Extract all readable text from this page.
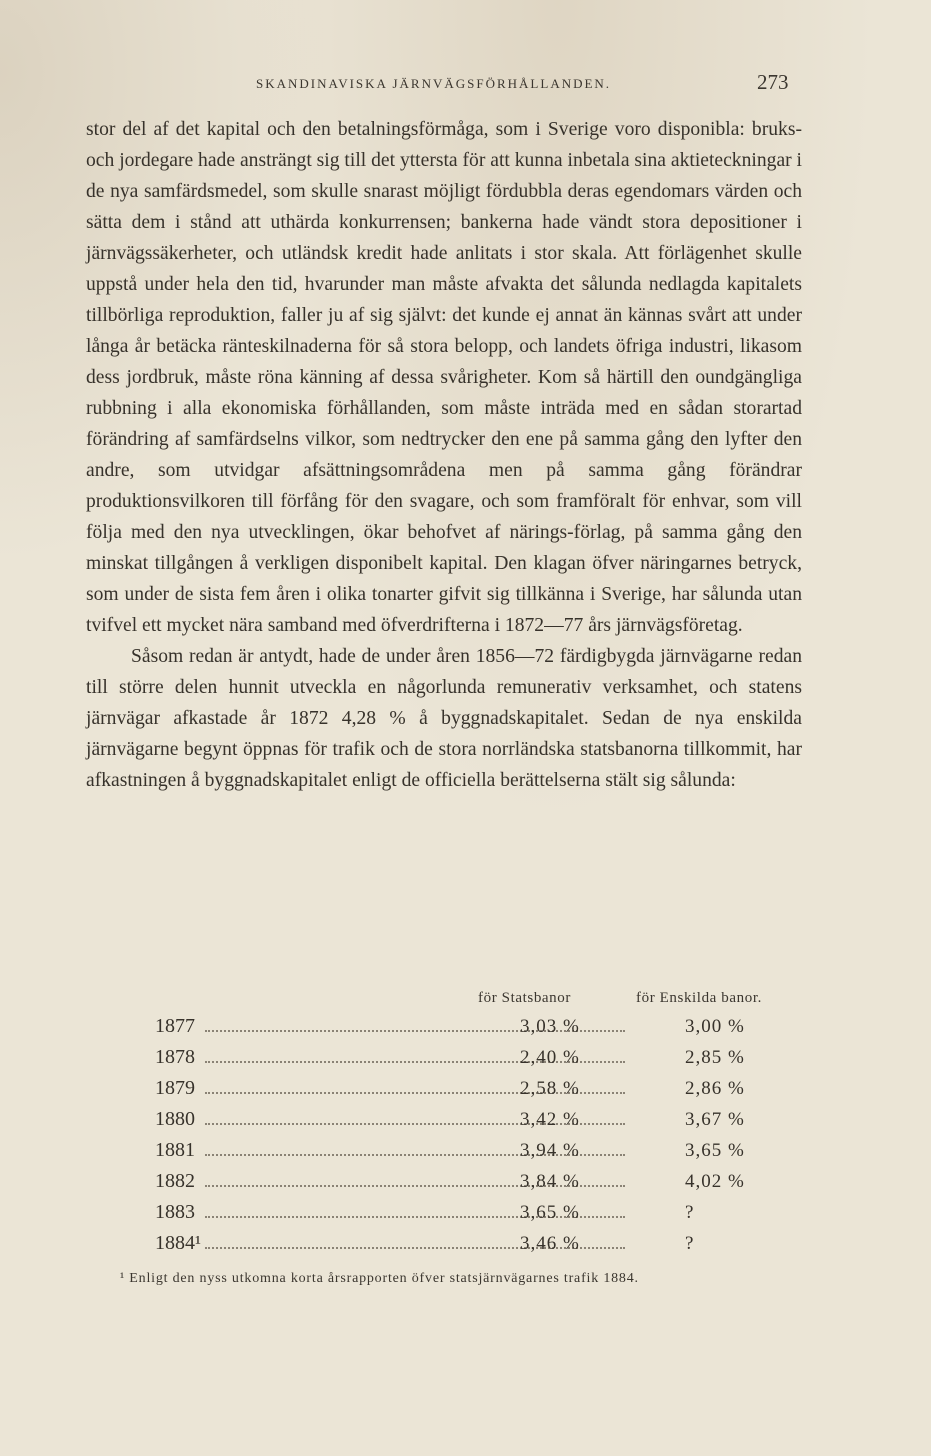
SKANDINAVISKA JÄRNVÄGSFÖRHÅLLANDEN.	273

stor del af det kapital och den betalningsförmåga, som i Sverige voro disponibla: bruks- och jordegare hade ansträngt sig till det yttersta för att kunna inbetala sina aktieteckningar i de nya samfärdsmedel, som skulle snarast möjligt fördubbla deras egendomars värden och sätta dem i stånd att uthärda konkurrensen; bankerna hade vändt stora depositioner i järnvägssäkerheter, och utländsk kredit hade anlitats i stor skala. Att förlägenhet skulle uppstå under hela den tid, hvarunder man måste afvakta det sålunda nedlagda kapitalets tillbörliga reproduktion, faller ju af sig självt: det kunde ej annat än kännas svårt att under långa år betäcka ränteskilnaderna för så stora belopp, och landets öfriga industri, likasom dess jordbruk, måste röna känning af dessa svårigheter. Kom så härtill den oundgängliga rubbning i alla ekonomiska förhållanden, som måste inträda med en sådan storartad förändring af samfärdselns vilkor, som nedtrycker den ene på samma gång den lyfter den andre, som utvidgar afsättningsområdena men på samma gång förändrar produktionsvilkoren till förfång för den svagare, och som framföralt för enhvar, som vill följa med den nya utvecklingen, ökar behofvet af närings-förlag, på samma gång den minskat tillgången å verkligen disponibelt kapital. Den klagan öfver näringarnes betryck, som under de sista fem åren i olika tonarter gifvit sig tillkänna i Sverige, har sålunda utan tvifvel ett mycket nära samband med öfverdrifterna i 1872—77 års järnvägsföretag.

Såsom redan är antydt, hade de under åren 1856—72 färdigbygda järnvägarne redan till större delen hunnit utveckla en någorlunda remunerativ verksamhet, och statens järnvägar afkastade år 1872 4,28 % å byggnadskapitalet. Sedan de nya enskilda järnvägarne begynt öppnas för trafik och de stora norrländska statsbanorna tillkommit, har afkastningen å byggnadskapitalet enligt de officiella berättelserna stält sig sålunda:

för Statsbanor	för Enskilda banor.
1877	3,03 %	3,00 %
1878	2,40 %	2,85 %
1879	2,58 %	2,86 %
1880	3,42 %	3,67 %
1881	3,94 %	3,65 %
1882	3,84 %	4,02 %
1883	3,65 %	?
1884¹	3,46 %	?
¹ Enligt den nyss utkomna korta årsrapporten öfver statsjärnvägarnes trafik 1884.
